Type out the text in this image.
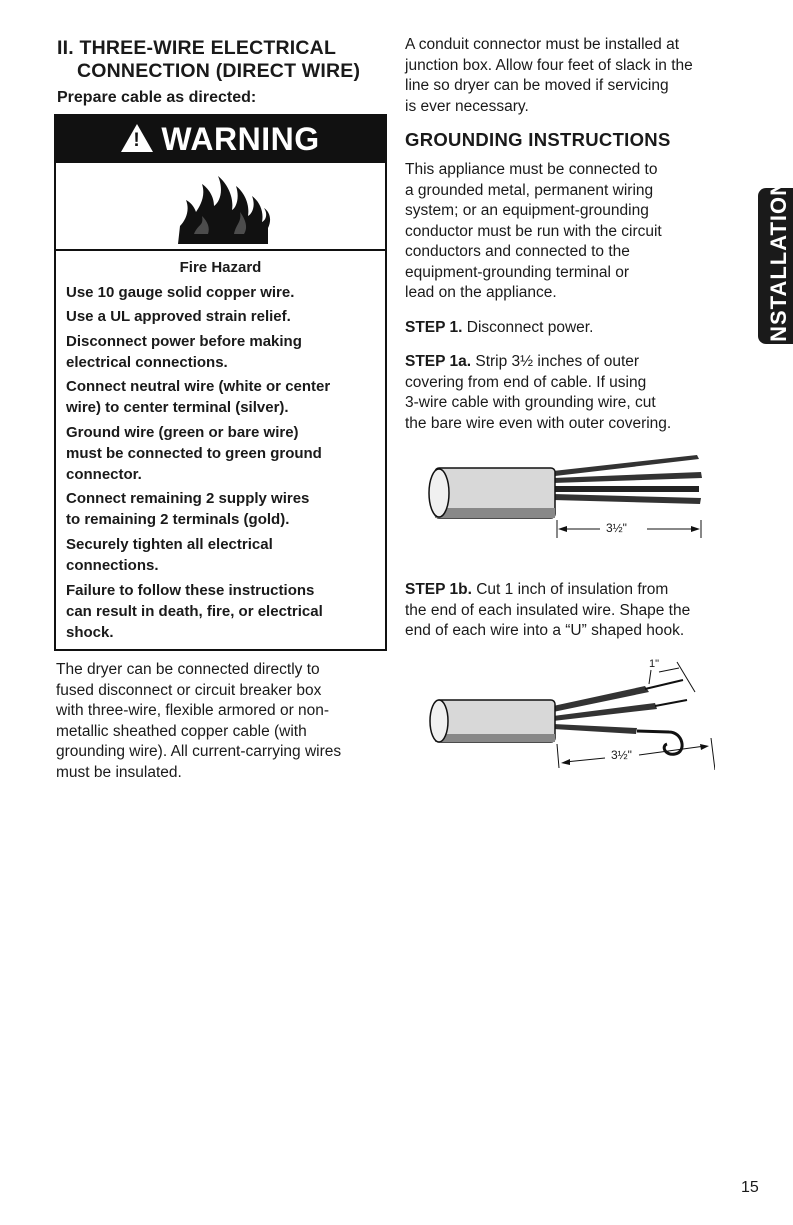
II. THREE-WIRE ELECTRICAL
CONNECTION (DIRECT WIRE)
Prepare cable as directed:
! WARNING
Fire Hazard
Use 10 gauge solid copper wire.
Use a UL approved strain relief.
Disconnect power before making
electrical connections.
Connect neutral wire (white or center
wire) to center terminal (silver).
Ground wire (green or bare wire)
must be connected to green ground
connector.
Connect remaining 2 supply wires
to remaining 2 terminals (gold).
Securely tighten all electrical
connections.
Failure to follow these instructions
can result in death, fire, or electrical
shock.
The dryer can be connected directly to
fused disconnect or circuit breaker box
with three-wire, flexible armored or non-
metallic sheathed copper cable (with
grounding wire). All current-carrying wires
must be insulated.
A conduit connector must be installed at
junction box. Allow four feet of slack in the
line so dryer can be moved if servicing
is ever necessary.
GROUNDING INSTRUCTIONS
This appliance must be connected to
a grounded metal, permanent wiring
system; or an equipment-grounding
conductor must be run with the circuit
conductors and connected to the
equipment-grounding terminal or
lead on the appliance.
STEP 1. Disconnect power.
STEP 1a. Strip 3½ inches of outer
covering from end of cable. If using
3-wire cable with grounding wire, cut
the bare wire even with outer covering.
3½"
STEP 1b. Cut 1 inch of insulation from
the end of each insulated wire. Shape the
end of each wire into a “U” shaped hook.
1"
3½"
INSTALLATION
15
